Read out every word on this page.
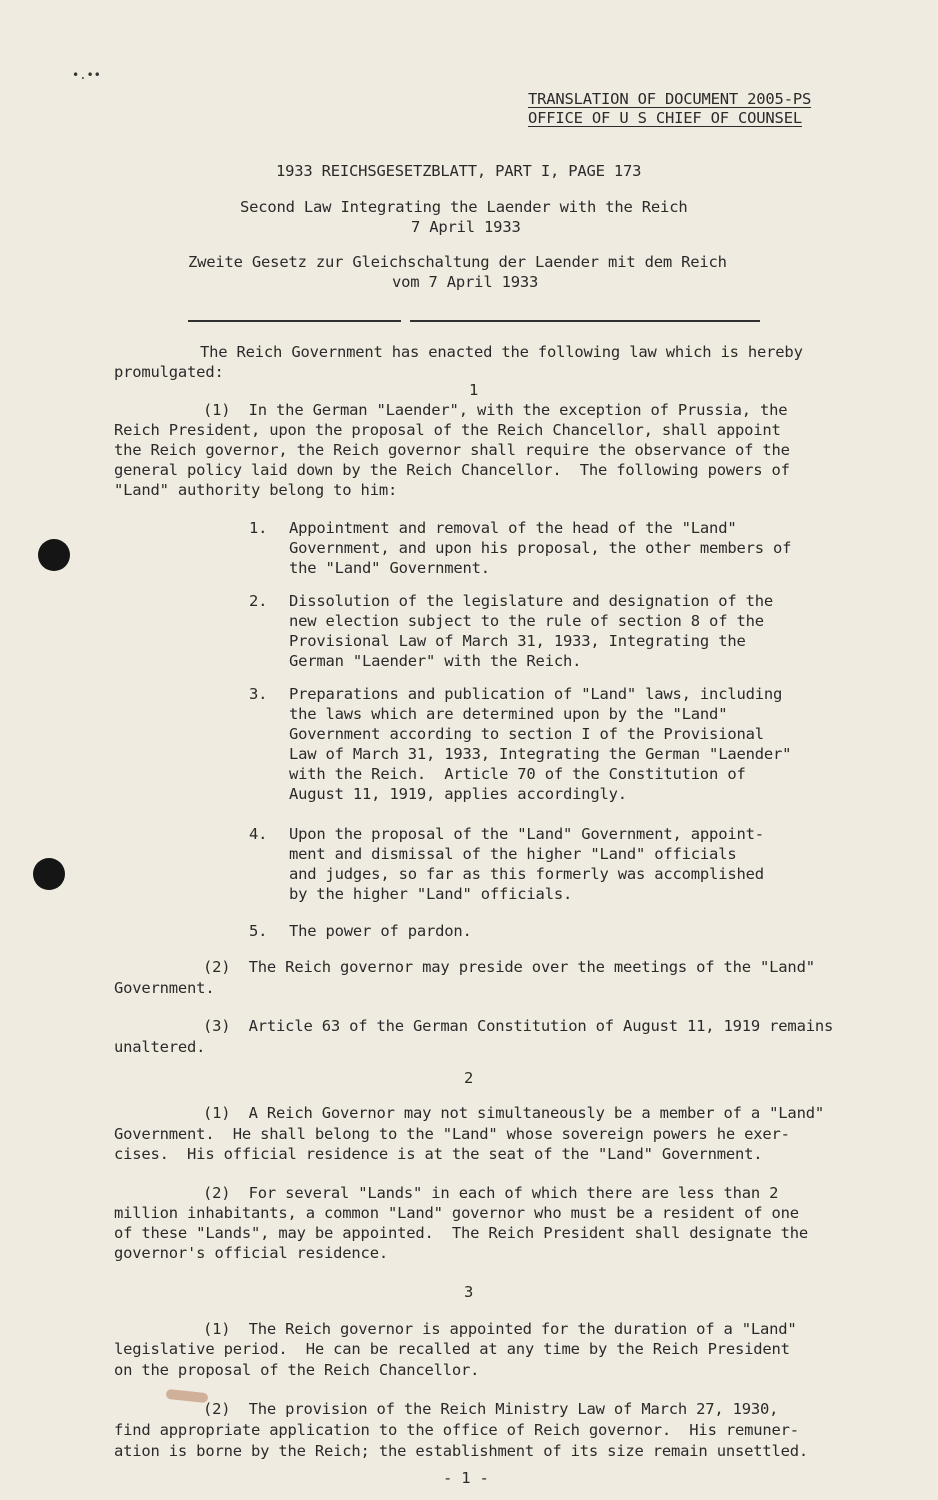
•.••
TRANSLATION OF DOCUMENT 2005-PS
OFFICE OF U S CHIEF OF COUNSEL
1933 REICHSGESETZBLATT, PART I, PAGE 173
Second Law Integrating the Laender with the Reich
7 April 1933
Zweite Gesetz zur Gleichschaltung der Laender mit dem Reich
vom 7 April 1933
The Reich Government has enacted the following law which is hereby
promulgated:
1
(1)  In the German "Laender", with the exception of Prussia, the
Reich President, upon the proposal of the Reich Chancellor, shall appoint
the Reich governor, the Reich governor shall require the observance of the
general policy laid down by the Reich Chancellor.  The following powers of
"Land" authority belong to him:
1. Appointment and removal of the head of the "Land"
Government, and upon his proposal, the other members of
the "Land" Government.
2. Dissolution of the legislature and designation of the
new election subject to the rule of section 8 of the
Provisional Law of March 31, 1933, Integrating the
German "Laender" with the Reich.
3. Preparations and publication of "Land" laws, including
the laws which are determined upon by the "Land"
Government according to section I of the Provisional
Law of March 31, 1933, Integrating the German "Laender"
with the Reich.  Article 70 of the Constitution of
August 11, 1919, applies accordingly.
4. Upon the proposal of the "Land" Government, appoint-
ment and dismissal of the higher "Land" officials
and judges, so far as this formerly was accomplished
by the higher "Land" officials.
5. The power of pardon.
(2)  The Reich governor may preside over the meetings of the "Land"
Government.
(3)  Article 63 of the German Constitution of August 11, 1919 remains
unaltered.
2
(1)  A Reich Governor may not simultaneously be a member of a "Land"
Government.  He shall belong to the "Land" whose sovereign powers he exer-
cises.  His official residence is at the seat of the "Land" Government.
(2)  For several "Lands" in each of which there are less than 2
million inhabitants, a common "Land" governor who must be a resident of one
of these "Lands", may be appointed.  The Reich President shall designate the
governor's official residence.
3
(1)  The Reich governor is appointed for the duration of a "Land"
legislative period.  He can be recalled at any time by the Reich President
on the proposal of the Reich Chancellor.
(2)  The provision of the Reich Ministry Law of March 27, 1930,
find appropriate application to the office of Reich governor.  His remuner-
ation is borne by the Reich; the establishment of its size remain unsettled.
- 1 -
